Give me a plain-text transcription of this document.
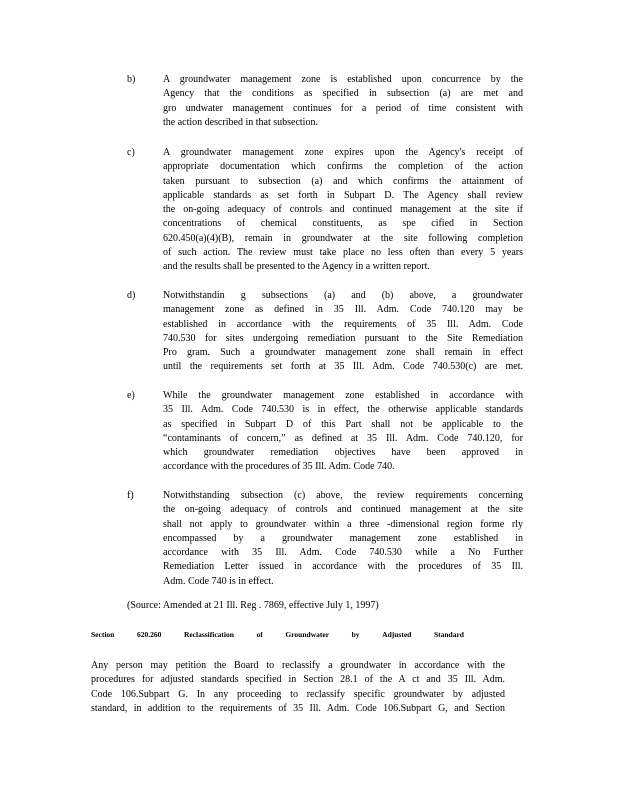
b)	A groundwater management zone is established upon concurrence by the
Agency that the conditions as specified in subsection (a) are met and
gro undwater management continues for a period of time consistent with
the action described in that subsection.
c)	A groundwater management zone expires upon the Agency's receipt of
appropriate documentation which confirms the completion of the action
taken pursuant to subsection (a) and which confirms the attainment of
applicable standards as set forth in Subpart D. The Agency shall review
the on-going adequacy of controls and continued management at the site if
concentrations of chemical constituents, as spe cified in Section
620.450(a)(4)(B), remain in groundwater at the site following completion
of such action. The review must take place no less often than every 5 years
and the results shall be presented to the Agency in a written report.
d)	Notwithstandin g subsections (a) and (b) above, a groundwater
management zone as defined in 35 Ill. Adm. Code 740.120 may be
established in accordance with the requirements of 35 Ill. Adm. Code
740.530 for sites undergoing remediation pursuant to the Site Remediation
Pro gram. Such a groundwater management zone shall remain in effect
until the requirements set forth at 35 Ill. Adm. Code 740.530(c) are met.
e)	While the groundwater management zone established in accordance with
35 Ill. Adm. Code 740.530 is in effect, the otherwise applicable standards
as specified in Subpart D of this Part shall not be applicable to the
“contaminants of concern,” as defined at 35 Ill. Adm. Code 740.120, for
which groundwater remediation objectives have been approved in
accordance with the procedures of 35 Ill. Adm. Code 740.
f)	Notwithstanding subsection (c) above, the review requirements concerning
the on-going adequacy of controls and continued management at the site
shall not apply to groundwater within a three -dimensional region forme rly
encompassed by a groundwater management zone established in
accordance with 35 Ill. Adm. Code 740.530 while a No Further
Remediation Letter issued in accordance with the procedures of 35 Ill.
Adm. Code 740 is in effect.
(Source: Amended at 21 Ill. Reg . 7869, effective July 1, 1997)
Section	620.260	Reclassification	of	Groundwater	by	Adjusted	Standard
Any person may petition the Board to reclassify a groundwater in accordance with the
procedures for adjusted standards specified in Section 28.1 of the A ct and 35 Ill. Adm.
Code 106.Subpart G. In any proceeding to reclassify specific groundwater by adjusted
standard, in addition to the requirements of 35 Ill. Adm. Code 106.Subpart G, and Section
